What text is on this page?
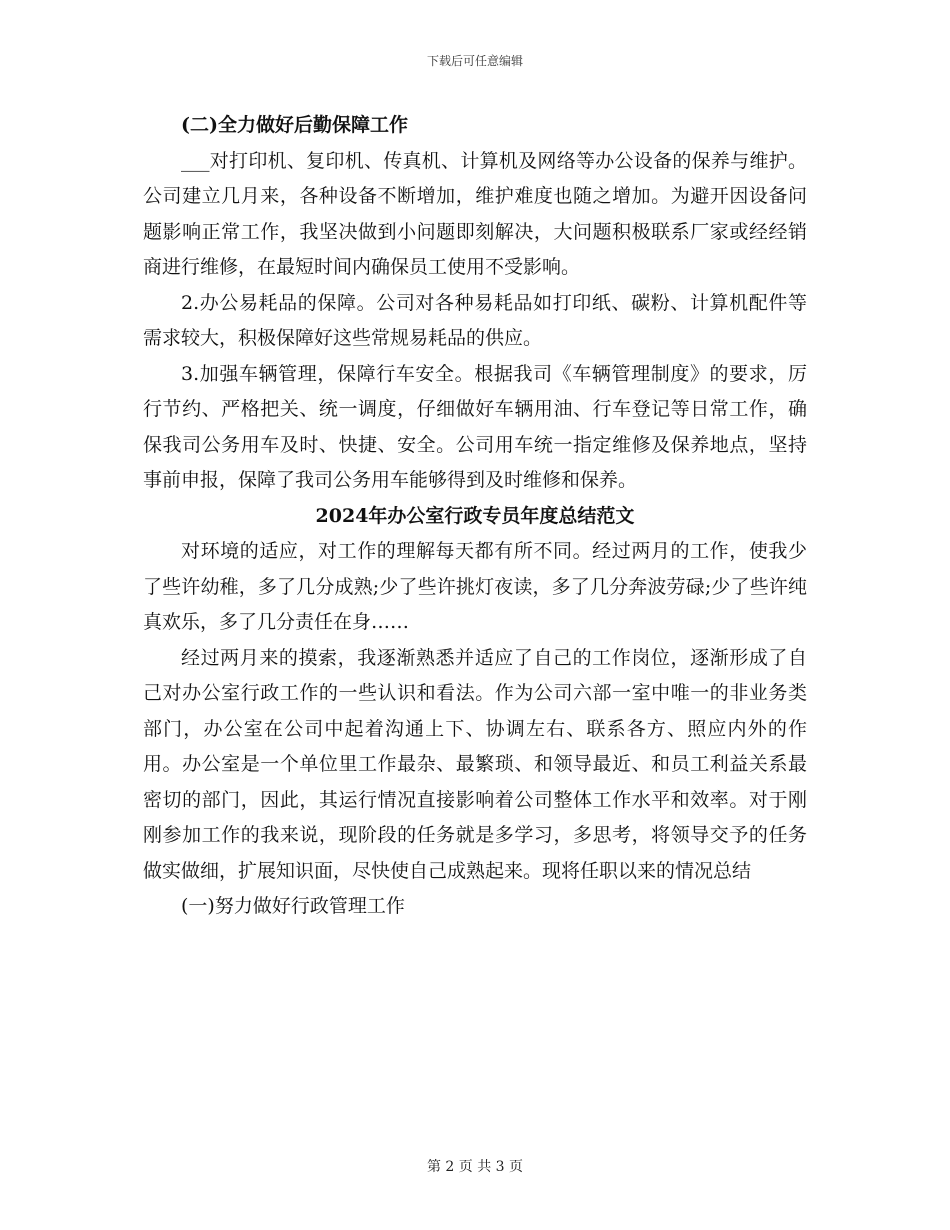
下载后可任意编辑
(二)全力做好后勤保障工作

___对打印机、复印机、传真机、计算机及网络等办公设备的保养与维护。公司建立几月来，各种设备不断增加，维护难度也随之增加。为避开因设备问题影响正常工作，我坚决做到小问题即刻解决，大问题积极联系厂家或经经销商进行维修，在最短时间内确保员工使用不受影响。

2.办公易耗品的保障。公司对各种易耗品如打印纸、碳粉、计算机配件等需求较大，积极保障好这些常规易耗品的供应。

3.加强车辆管理，保障行车安全。根据我司《车辆管理制度》的要求，厉行节约、严格把关、统一调度，仔细做好车辆用油、行车登记等日常工作，确保我司公务用车及时、快捷、安全。公司用车统一指定维修及保养地点，坚持事前申报，保障了我司公务用车能够得到及时维修和保养。

2024年办公室行政专员年度总结范文

对环境的适应，对工作的理解每天都有所不同。经过两月的工作，使我少了些许幼稚，多了几分成熟;少了些许挑灯夜读，多了几分奔波劳碌;少了些许纯真欢乐，多了几分责任在身……

经过两月来的摸索，我逐渐熟悉并适应了自己的工作岗位，逐渐形成了自己对办公室行政工作的一些认识和看法。作为公司六部一室中唯一的非业务类部门，办公室在公司中起着沟通上下、协调左右、联系各方、照应内外的作用。办公室是一个单位里工作最杂、最繁琐、和领导最近、和员工利益关系最密切的部门，因此，其运行情况直接影响着公司整体工作水平和效率。对于刚刚参加工作的我来说，现阶段的任务就是多学习，多思考，将领导交予的任务做实做细，扩展知识面，尽快使自己成熟起来。现将任职以来的情况总结

(一)努力做好行政管理工作
第 2 页 共 3 页
